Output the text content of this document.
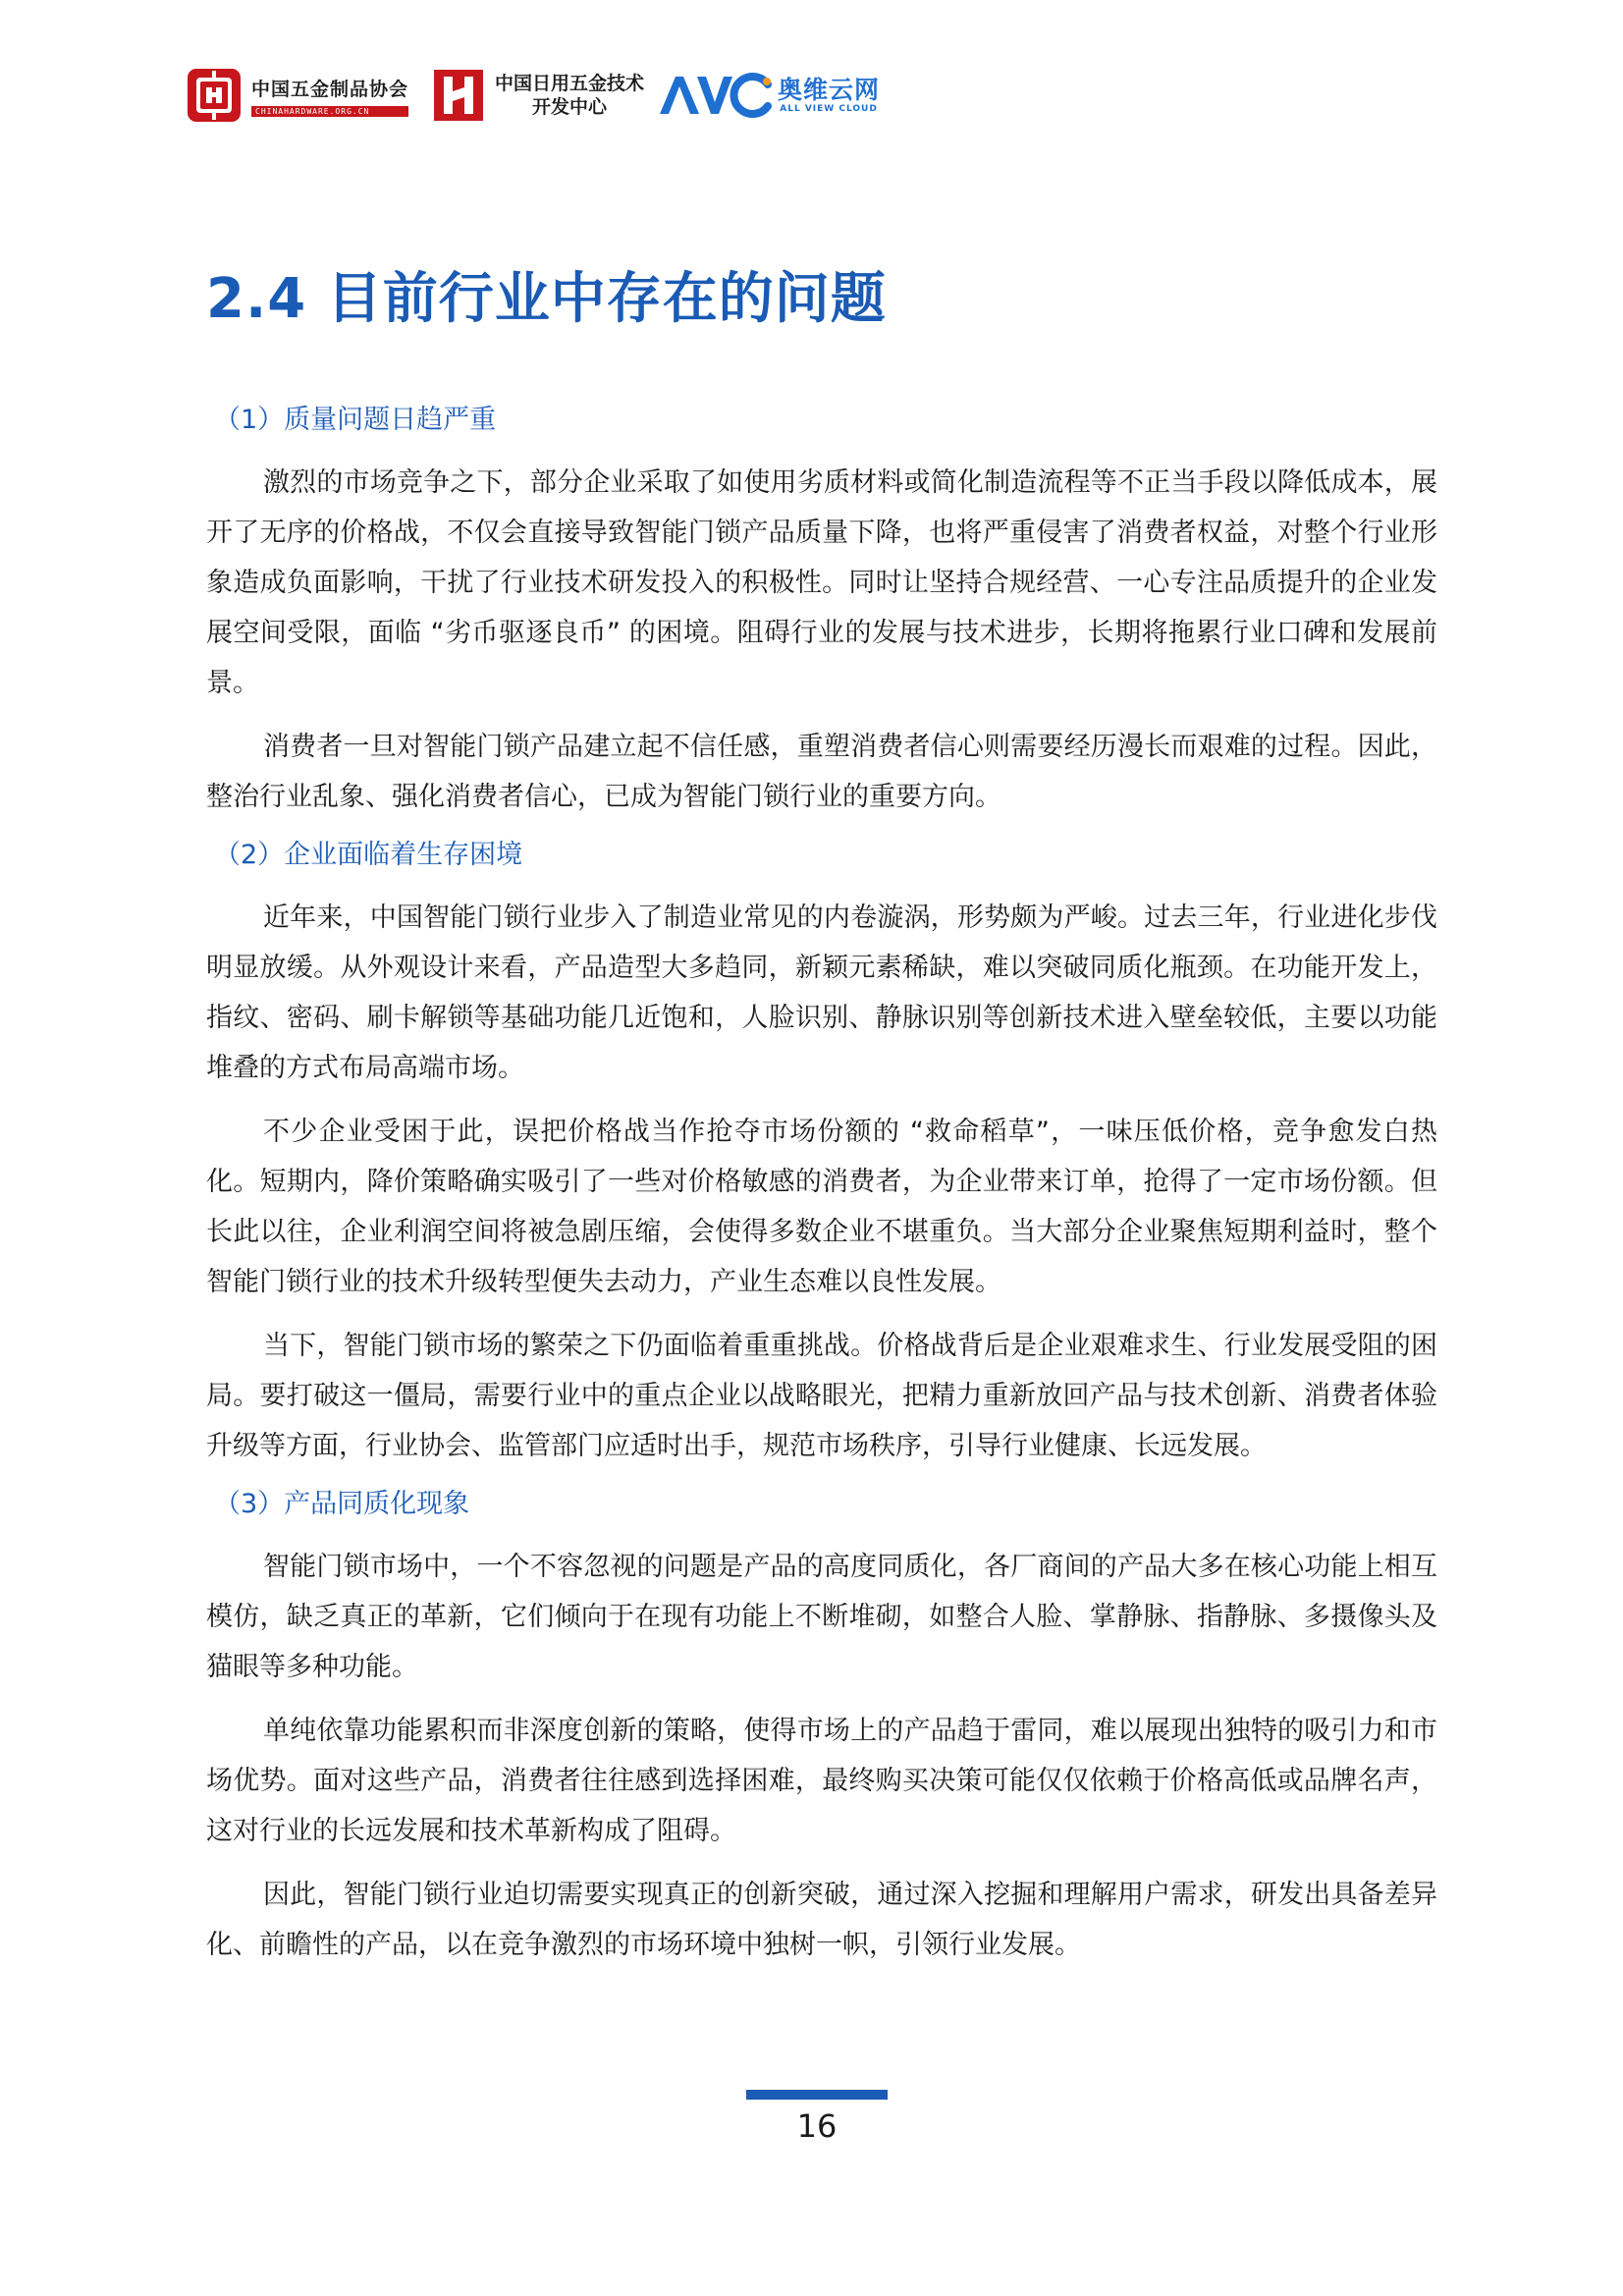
中国五金制品协会
CHINAHARDWARE.ORG.CN
中国日用五金技术
开发中心
奥维云网
ALL VIEW CLOUD
2.4 目前行业中存在的问题
（1）质量问题日趋严重

激烈的市场竞争之下，部分企业采取了如使用劣质材料或简化制造流程等不正当手段以降低成本，展开了无序的价格战，不仅会直接导致智能门锁产品质量下降，也将严重侵害了消费者权益，对整个行业形象造成负面影响，干扰了行业技术研发投入的积极性。同时让坚持合规经营、一心专注品质提升的企业发展空间受限，面临 “劣币驱逐良币” 的困境。阻碍行业的发展与技术进步，长期将拖累行业口碑和发展前景。

消费者一旦对智能门锁产品建立起不信任感，重塑消费者信心则需要经历漫长而艰难的过程。因此，整治行业乱象、强化消费者信心，已成为智能门锁行业的重要方向。

（2）企业面临着生存困境

近年来，中国智能门锁行业步入了制造业常见的内卷漩涡，形势颇为严峻。过去三年，行业进化步伐明显放缓。从外观设计来看，产品造型大多趋同，新颖元素稀缺，难以突破同质化瓶颈。在功能开发上，指纹、密码、刷卡解锁等基础功能几近饱和，人脸识别、静脉识别等创新技术进入壁垒较低，主要以功能堆叠的方式布局高端市场。

不少企业受困于此，误把价格战当作抢夺市场份额的 “救命稻草”，一味压低价格，竞争愈发白热化。短期内，降价策略确实吸引了一些对价格敏感的消费者，为企业带来订单，抢得了一定市场份额。但长此以往，企业利润空间将被急剧压缩，会使得多数企业不堪重负。当大部分企业聚焦短期利益时，整个智能门锁行业的技术升级转型便失去动力，产业生态难以良性发展。

当下，智能门锁市场的繁荣之下仍面临着重重挑战。价格战背后是企业艰难求生、行业发展受阻的困局。要打破这一僵局，需要行业中的重点企业以战略眼光，把精力重新放回产品与技术创新、消费者体验升级等方面，行业协会、监管部门应适时出手，规范市场秩序，引导行业健康、长远发展。

（3）产品同质化现象

智能门锁市场中，一个不容忽视的问题是产品的高度同质化，各厂商间的产品大多在核心功能上相互模仿，缺乏真正的革新，它们倾向于在现有功能上不断堆砌，如整合人脸、掌静脉、指静脉、多摄像头及猫眼等多种功能。

单纯依靠功能累积而非深度创新的策略，使得市场上的产品趋于雷同，难以展现出独特的吸引力和市场优势。面对这些产品，消费者往往感到选择困难，最终购买决策可能仅仅依赖于价格高低或品牌名声，这对行业的长远发展和技术革新构成了阻碍。

因此，智能门锁行业迫切需要实现真正的创新突破，通过深入挖掘和理解用户需求，研发出具备差异化、前瞻性的产品，以在竞争激烈的市场环境中独树一帜，引领行业发展。

16
